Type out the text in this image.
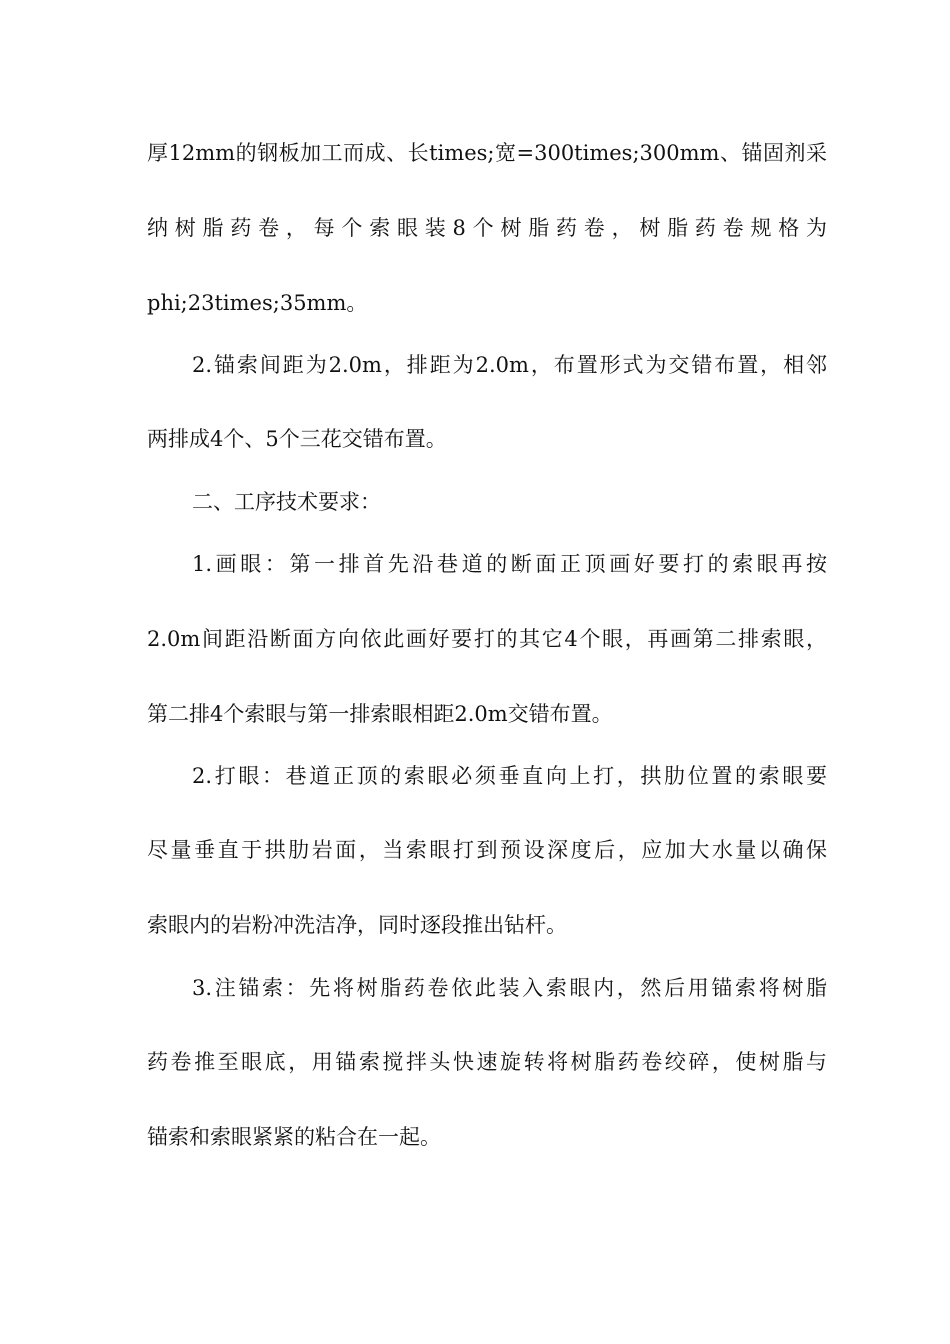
厚12mm的钢板加工而成、长times;宽=300times;300mm、锚固剂采
纳树脂药卷，每个索眼装8个树脂药卷，树脂药卷规格为
phi;23times;35mm。
2.锚索间距为2.0m，排距为2.0m，布置形式为交错布置，相邻
两排成4个、5个三花交错布置。
二、工序技术要求：
1.画眼：第一排首先沿巷道的断面正顶画好要打的索眼再按
2.0m间距沿断面方向依此画好要打的其它4个眼，再画第二排索眼，
第二排4个索眼与第一排索眼相距2.0m交错布置。
2.打眼：巷道正顶的索眼必须垂直向上打，拱肋位置的索眼要
尽量垂直于拱肋岩面，当索眼打到预设深度后，应加大水量以确保
索眼内的岩粉冲洗洁净，同时逐段推出钻杆。
3.注锚索：先将树脂药卷依此装入索眼内，然后用锚索将树脂
药卷推至眼底，用锚索搅拌头快速旋转将树脂药卷绞碎，使树脂与
锚索和索眼紧紧的粘合在一起。
